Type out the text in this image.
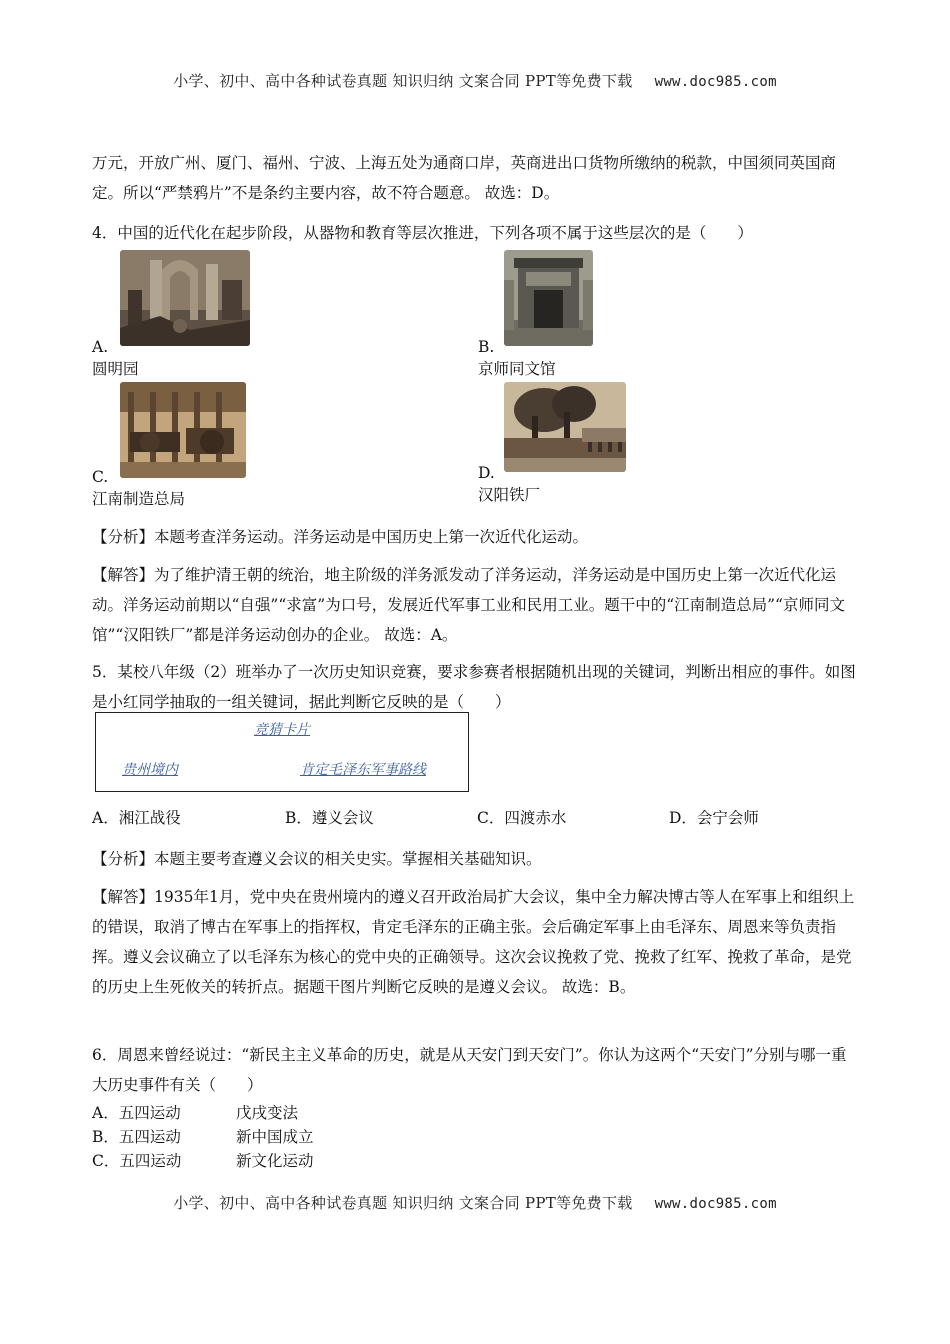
小学、初中、高中各种试卷真题 知识归纳 文案合同 PPT等免费下载 www.doc985.com

万元，开放广州、厦门、福州、宁波、上海五处为通商口岸，英商进出口货物所缴纳的税款，中国须同英国商定。所以“严禁鸦片”不是条约主要内容，故不符合题意。 故选：D。

4．中国的近代化在起步阶段，从器物和教育等层次推进，下列各项不属于这些层次的是（　　）

A.
圆明园
B.
京师同文馆
C.
江南制造总局
D.
汉阳铁厂

【分析】本题考查洋务运动。洋务运动是中国历史上第一次近代化运动。

【解答】为了维护清王朝的统治，地主阶级的洋务派发动了洋务运动，洋务运动是中国历史上第一次近代化运动。洋务运动前期以“自强”“求富”为口号，发展近代军事工业和民用工业。题干中的“江南制造总局”“京师同文馆”“汉阳铁厂”都是洋务运动创办的企业。 故选：A。

5．某校八年级（2）班举办了一次历史知识竞赛，要求参赛者根据随机出现的关键词，判断出相应的事件。如图是小红同学抽取的一组关键词，据此判断它反映的是（　　）

竞猜卡片
贵州境内	肯定毛泽东军事路线
A．湘江战役	B．遵义会议	C．四渡赤水	D．会宁会师

【分析】本题主要考查遵义会议的相关史实。掌握相关基础知识。

【解答】1935年1月，党中央在贵州境内的遵义召开政治局扩大会议，集中全力解决博古等人在军事上和组织上的错误，取消了博古在军事上的指挥权，肯定毛泽东的正确主张。会后确定军事上由毛泽东、周恩来等负责指挥。遵义会议确立了以毛泽东为核心的党中央的正确领导。这次会议挽救了党、挽救了红军、挽救了革命，是党的历史上生死攸关的转折点。据题干图片判断它反映的是遵义会议。 故选：B。

6．周恩来曾经说过：“新民主主义革命的历史，就是从天安门到天安门”。你认为这两个“天安门”分别与哪一重大历史事件有关（　　）

A．五四运动	戊戌变法
B．五四运动	新中国成立
C．五四运动	新文化运动
小学、初中、高中各种试卷真题 知识归纳 文案合同 PPT等免费下载 www.doc985.com
